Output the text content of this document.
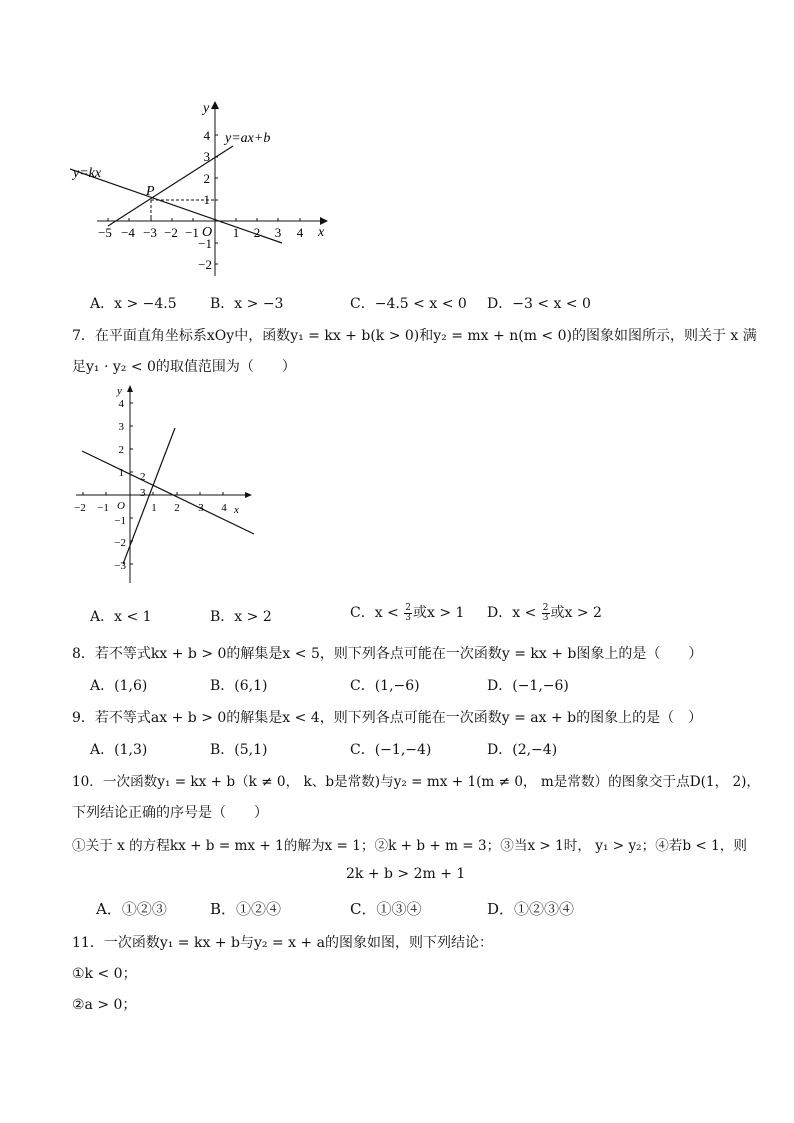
y
x
O
P
y=ax+b
y=kx
−5 −4 −3 −2 −1	1 2 3 4
4
3
2
1
−1
−2
A．x > −4.5 B．x > −3	C．−4.5 < x < 0 D．−3 < x < 0
7．在平面直角坐标系xOy中，函数y₁ = kx + b(k > 0)和y₂ = mx + n(m < 0)的图象如图所示，则关于 x 满
足y₁ · y₂ < 0的取值范围为（　　）
y
x
O
2
3
−2 −1	1 2 3 4
4
3
2
1
−1
−2
−3
A．x < 1	B．x > 2	C．$x < \frac{2}{3}$ 或x > 1 D．$x < \frac{2}{3}$ 或x > 2
8．若不等式kx + b > 0的解集是x < 5，则下列各点可能在一次函数y = kx + b图象上的是（　　）
A．(1,6)	B．(6,1)	C．(1,−6)	D．(−1,−6)
9．若不等式ax + b > 0的解集是x < 4，则下列各点可能在一次函数y = ax + b的图象上的是（　）
A．(1,3)	B．(5,1)	C．(−1,−4)	D．(2,−4)
10．一次函数y₁ = kx + b（k ≠ 0， k、b是常数)与y₂ = mx + 1(m ≠ 0， m是常数）的图象交于点D(1， 2)，
下列结论正确的序号是（　　）
①关于 x 的方程kx + b = mx + 1的解为x = 1；②k + b + m = 3；③当x > 1时， y₁ > y₂；④若b < 1，则
2k + b > 2m + 1
A．①②③	B．①②④	C．①③④	D．①②③④
11．一次函数y₁ = kx + b与y₂ = x + a的图象如图，则下列结论：
①k < 0；
②a > 0；
